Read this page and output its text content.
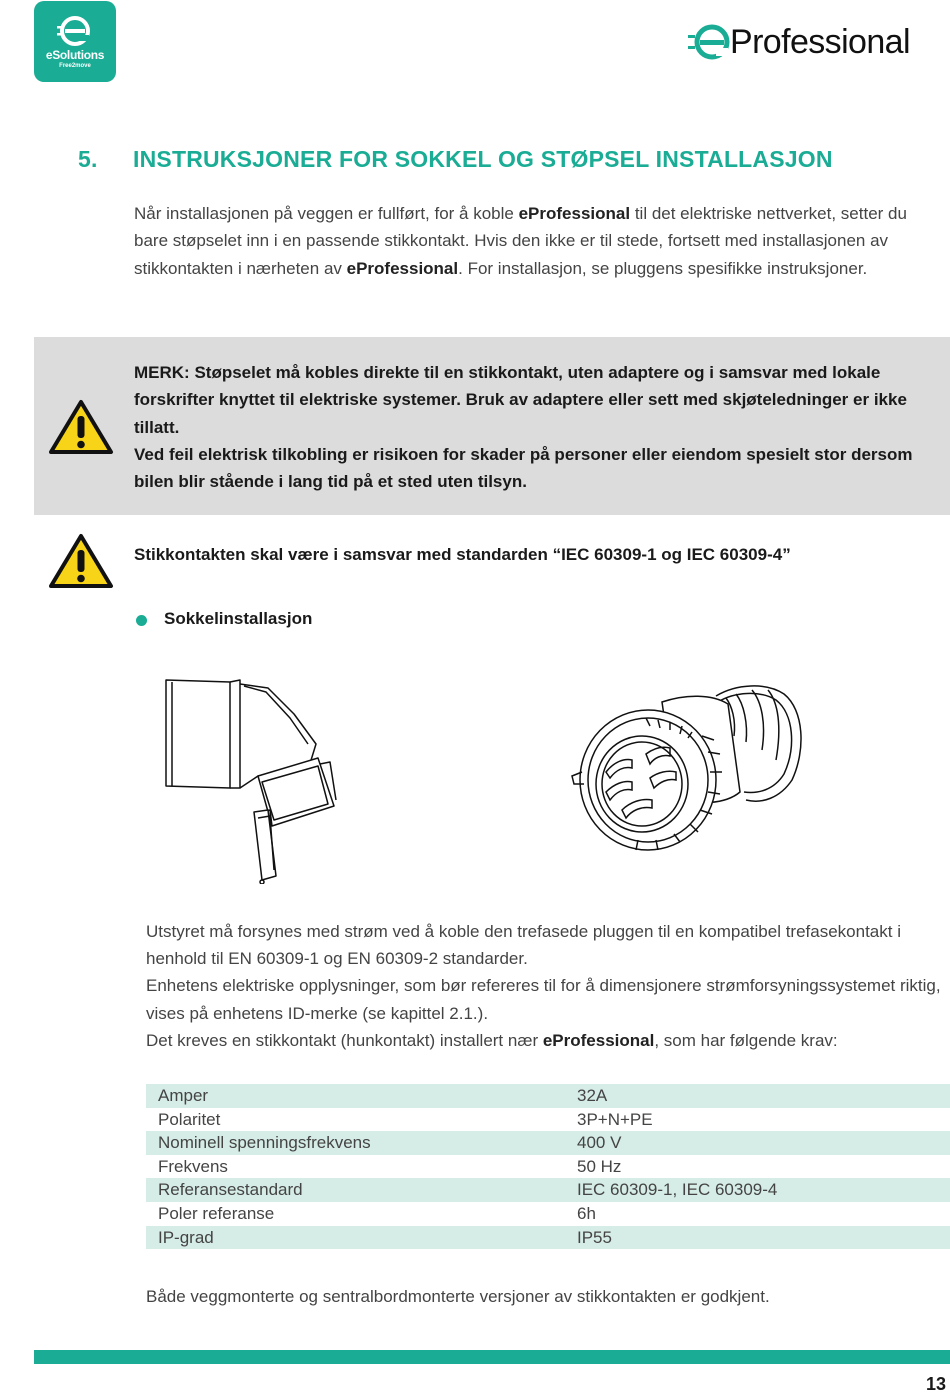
eSolutions
Free2move
Professional
5. INSTRUKSJONER FOR SOKKEL OG STØPSEL INSTALLASJON
Når installasjonen på veggen er fullført, for å koble eProfessional til det elektriske nettverket, setter du bare støpselet inn i en passende stikkontakt. Hvis den ikke er til stede, fortsett med installasjonen av stikkontakten i nærheten av eProfessional. For installasjon, se pluggens spesifikke instruksjoner.
MERK: Støpselet må kobles direkte til en stikkontakt, uten adaptere og i samsvar med lokale forskrifter knyttet til elektriske systemer. Bruk av adaptere eller sett med skjøteledninger er ikke tillatt.
Ved feil elektrisk tilkobling er risikoen for skader på personer eller eiendom spesielt stor dersom bilen blir stående i lang tid på et sted uten tilsyn.
Stikkontakten skal være i samsvar med standarden “IEC 60309-1 og IEC 60309-4”
Sokkelinstallasjon
Utstyret må forsynes med strøm ved å koble den trefasede pluggen til en kompatibel trefasekontakt i henhold til EN 60309-1 og EN 60309-2 standarder.
Enhetens elektriske opplysninger, som bør refereres til for å dimensjonere strømforsyningssystemet riktig, vises på enhetens ID-merke (se kapittel 2.1.).
Det kreves en stikkontakt (hunkontakt) installert nær eProfessional, som har følgende krav:
Amper	32A
Polaritet	3P+N+PE
Nominell spenningsfrekvens	400 V
Frekvens	50 Hz
Referansestandard	IEC 60309-1, IEC 60309-4
Poler referanse	6h
IP-grad	IP55
Både veggmonterte og sentralbordmonterte versjoner av stikkontakten er godkjent.
13
